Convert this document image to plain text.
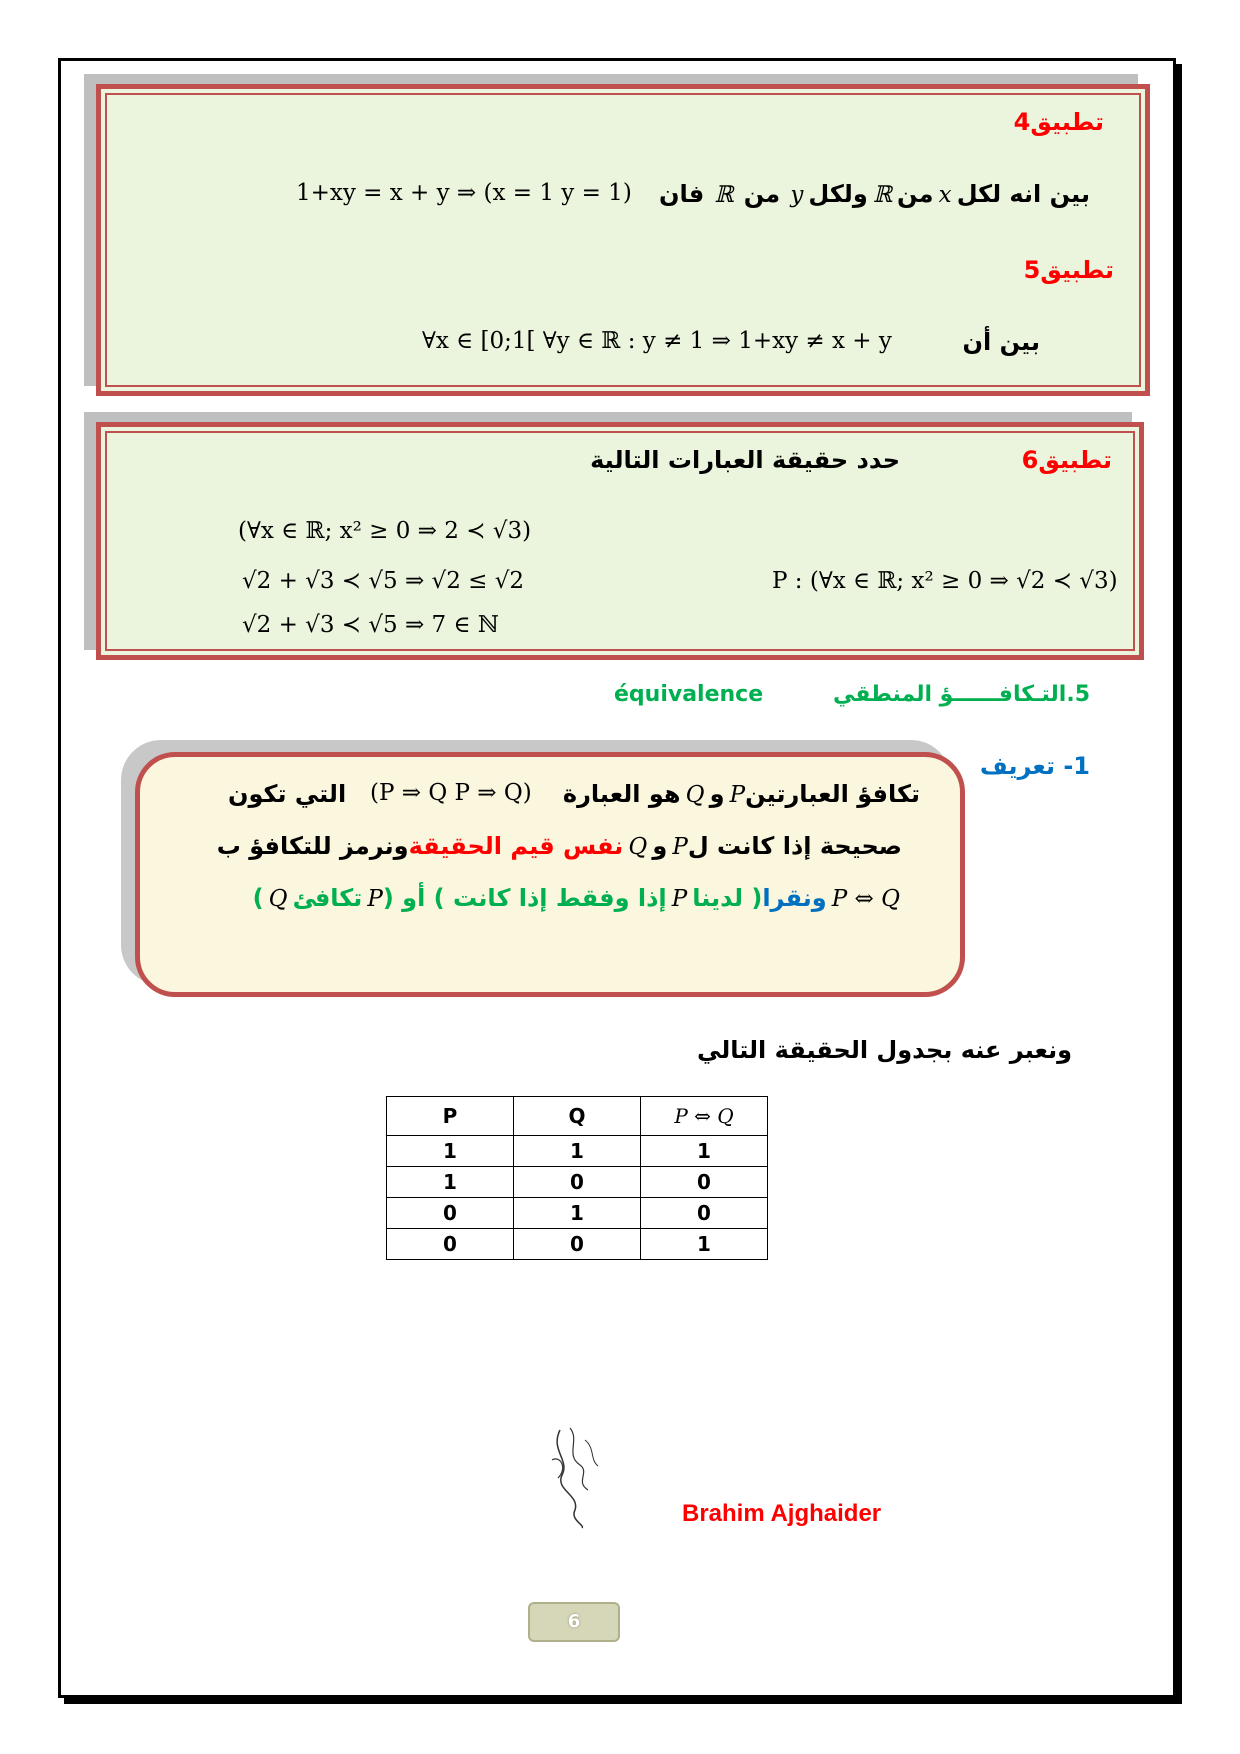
تطبيق4
بين انه لكل x من ℝ ولكل y  من  ℝ  فان
1+xy = x + y ⇒ (x = 1 y = 1)
تطبيق5
بين أن
∀x ∈ [0;1[ ∀y ∈ ℝ : y ≠ 1 ⇒ 1+xy ≠ x + y
تطبيق6
حدد حقيقة العبارات التالية
P : (∀x ∈ ℝ; x² ≥ 0 ⇒ √2 ≺ √3)
(∀x ∈ ℝ; x² ≥ 0 ⇒ 2 ≺ √3)
√2 + √3 ≺ √5 ⇒ √2 ≤ √2
√2 + √3 ≺ √5 ⇒ 7 ∈ ℕ
5.التـكافــــــؤ المنطقي
équivalence
1- تعريف
تكافؤ العبارتينP و Q هو العبارة
(P ⇒ Q P ⇒ Q)
التي تكون
صحيحة إذا كانت لP و Q نفس قيم الحقيقةونرمز للتكافؤ ب
P ⇔ Q ونقرا( لدينا P إذا وفقط إذا كانت ) أو (P تكافئ Q )
ونعبر عنه بجدول الحقيقة التالي
P	Q	P ⇔ Q
1	1	1
1	0	0
0	1	0
0	0	1
Brahim Ajghaider
6
